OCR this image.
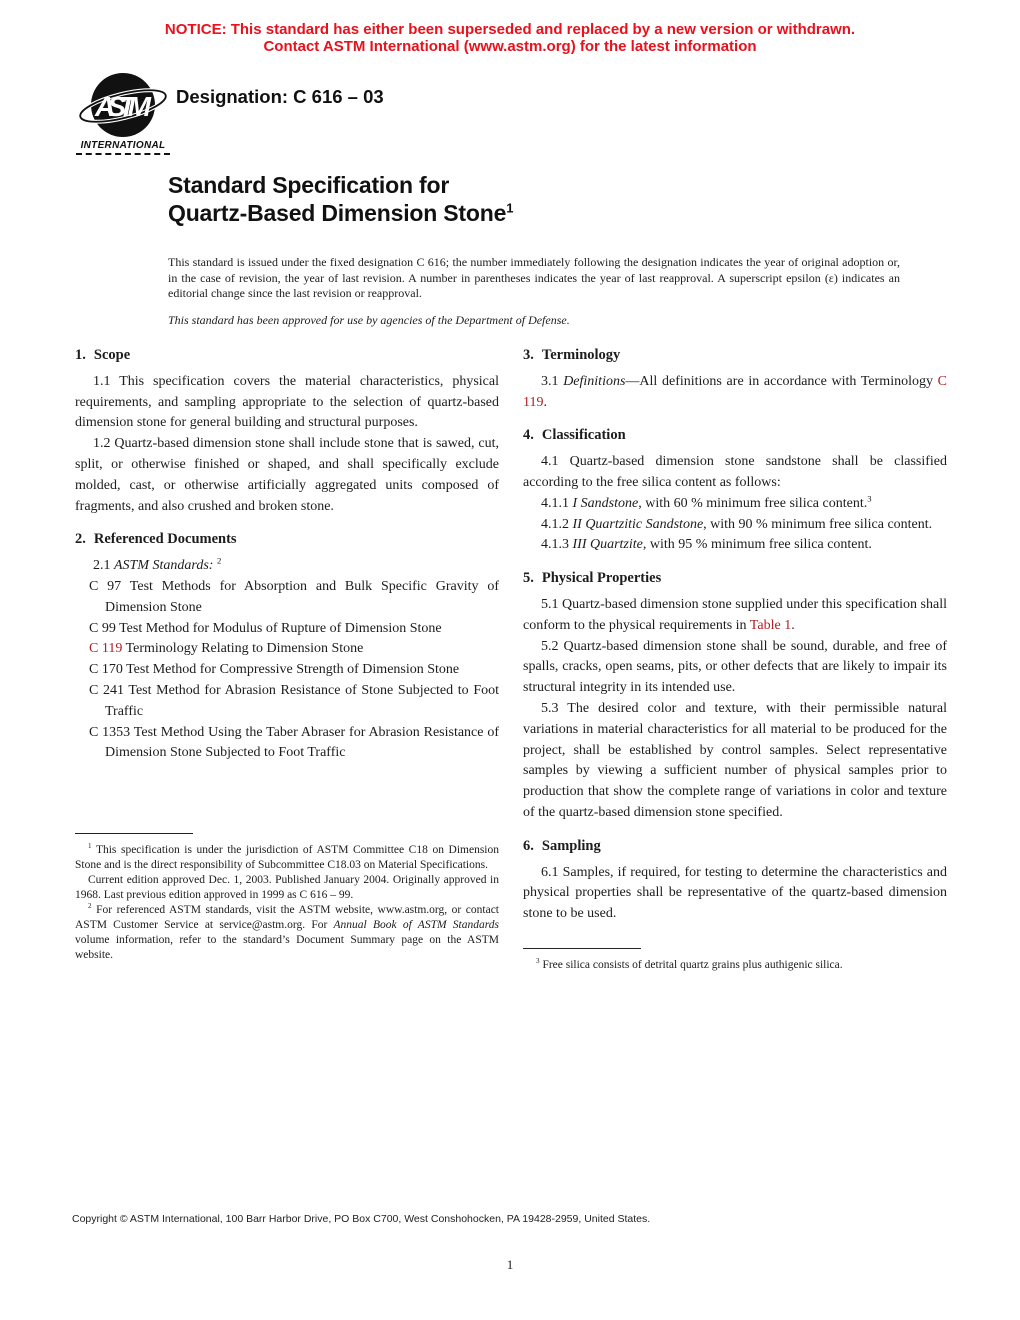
NOTICE: This standard has either been superseded and replaced by a new version or withdrawn.
Contact ASTM International (www.astm.org) for the latest information
ASTM
INTERNATIONAL
Designation: C 616 – 03
Standard Specification for
Quartz-Based Dimension Stone$^1$

This standard is issued under the fixed designation C 616; the number immediately following the designation indicates the year of original adoption or, in the case of revision, the year of last revision. A number in parentheses indicates the year of last reapproval. A superscript epsilon (ε) indicates an editorial change since the last revision or reapproval.

This standard has been approved for use by agencies of the Department of Defense.

1. Scope

1.1 This specification covers the material characteristics, physical requirements, and sampling appropriate to the selection of quartz-based dimension stone for general building and structural purposes.

1.2 Quartz-based dimension stone shall include stone that is sawed, cut, split, or otherwise finished or shaped, and shall specifically exclude molded, cast, or otherwise artificially aggregated units composed of fragments, and also crushed and broken stone.

2. Referenced Documents

2.1 ASTM Standards: $^2$

C 97 Test Methods for Absorption and Bulk Specific Gravity of Dimension Stone

C 99 Test Method for Modulus of Rupture of Dimension Stone

C 119 Terminology Relating to Dimension Stone

C 170 Test Method for Compressive Strength of Dimension Stone

C 241 Test Method for Abrasion Resistance of Stone Subjected to Foot Traffic

C 1353 Test Method Using the Taber Abraser for Abrasion Resistance of Dimension Stone Subjected to Foot Traffic

3. Terminology

3.1 Definitions—All definitions are in accordance with Terminology C 119.

4. Classification

4.1 Quartz-based dimension stone sandstone shall be classified according to the free silica content as follows:

4.1.1 I Sandstone, with 60 % minimum free silica content.$^3$

4.1.2 II Quartzitic Sandstone, with 90 % minimum free silica content.

4.1.3 III Quartzite, with 95 % minimum free silica content.

5. Physical Properties

5.1 Quartz-based dimension stone supplied under this specification shall conform to the physical requirements in Table 1.

5.2 Quartz-based dimension stone shall be sound, durable, and free of spalls, cracks, open seams, pits, or other defects that are likely to impair its structural integrity in its intended use.

5.3 The desired color and texture, with their permissible natural variations in material characteristics for all material to be produced for the project, shall be established by control samples. Select representative samples by viewing a sufficient number of physical samples prior to production that show the complete range of variations in color and texture of the quartz-based dimension stone specified.

6. Sampling

6.1 Samples, if required, for testing to determine the characteristics and physical properties shall be representative of the quartz-based dimension stone to be used.

$^1$ This specification is under the jurisdiction of ASTM Committee C18 on Dimension Stone and is the direct responsibility of Subcommittee C18.03 on Material Specifications.

Current edition approved Dec. 1, 2003. Published January 2004. Originally approved in 1968. Last previous edition approved in 1999 as C 616 – 99.

$^2$ For referenced ASTM standards, visit the ASTM website, www.astm.org, or contact ASTM Customer Service at service@astm.org. For Annual Book of ASTM Standards volume information, refer to the standard’s Document Summary page on the ASTM website.

$^3$ Free silica consists of detrital quartz grains plus authigenic silica.

Copyright © ASTM International, 100 Barr Harbor Drive, PO Box C700, West Conshohocken, PA 19428-2959, United States.
1
